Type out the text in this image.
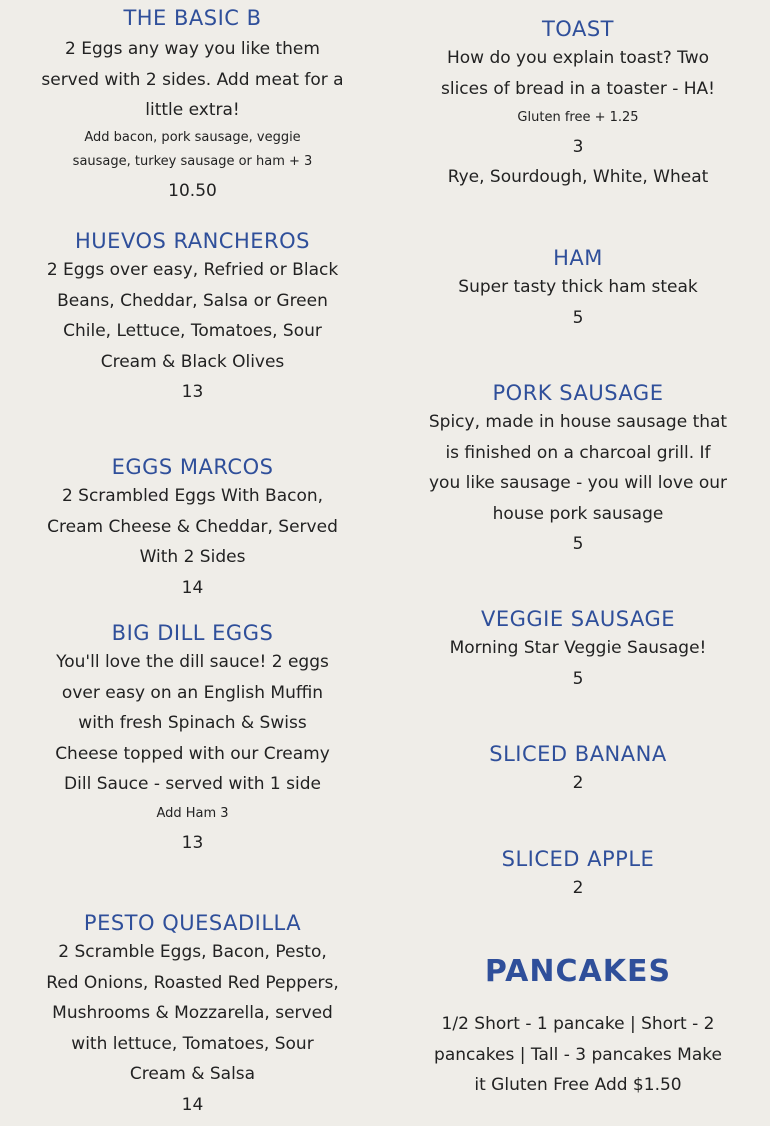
THE BASIC B

2 Eggs any way you like them served with 2 sides. Add meat for a little extra!

Add bacon, pork sausage, veggie sausage, turkey sausage or ham + 3

10.50

HUEVOS RANCHEROS

2 Eggs over easy, Refried or Black Beans, Cheddar, Salsa or Green Chile, Lettuce, Tomatoes, Sour Cream & Black Olives

13

EGGS MARCOS

2 Scrambled Eggs With Bacon, Cream Cheese & Cheddar, Served With 2 Sides

14

BIG DILL EGGS

You'll love the dill sauce! 2 eggs over easy on an English Muffin with fresh Spinach & Swiss Cheese topped with our Creamy Dill Sauce - served with 1 side

Add Ham 3

13

PESTO QUESADILLA

2 Scramble Eggs, Bacon, Pesto, Red Onions, Roasted Red Peppers, Mushrooms & Mozzarella, served with lettuce, Tomatoes, Sour Cream & Salsa

14

TOAST

How do you explain toast? Two slices of bread in a toaster - HA!

Gluten free + 1.25

3

Rye, Sourdough, White, Wheat

HAM

Super tasty thick ham steak

5

PORK SAUSAGE

Spicy, made in house sausage that is finished on a charcoal grill. If you like sausage - you will love our house pork sausage

5

VEGGIE SAUSAGE

Morning Star Veggie Sausage!

5

SLICED BANANA

2

SLICED APPLE

2

PANCAKES

1/2 Short - 1 pancake | Short - 2 pancakes | Tall - 3 pancakes Make it Gluten Free Add $1.50
